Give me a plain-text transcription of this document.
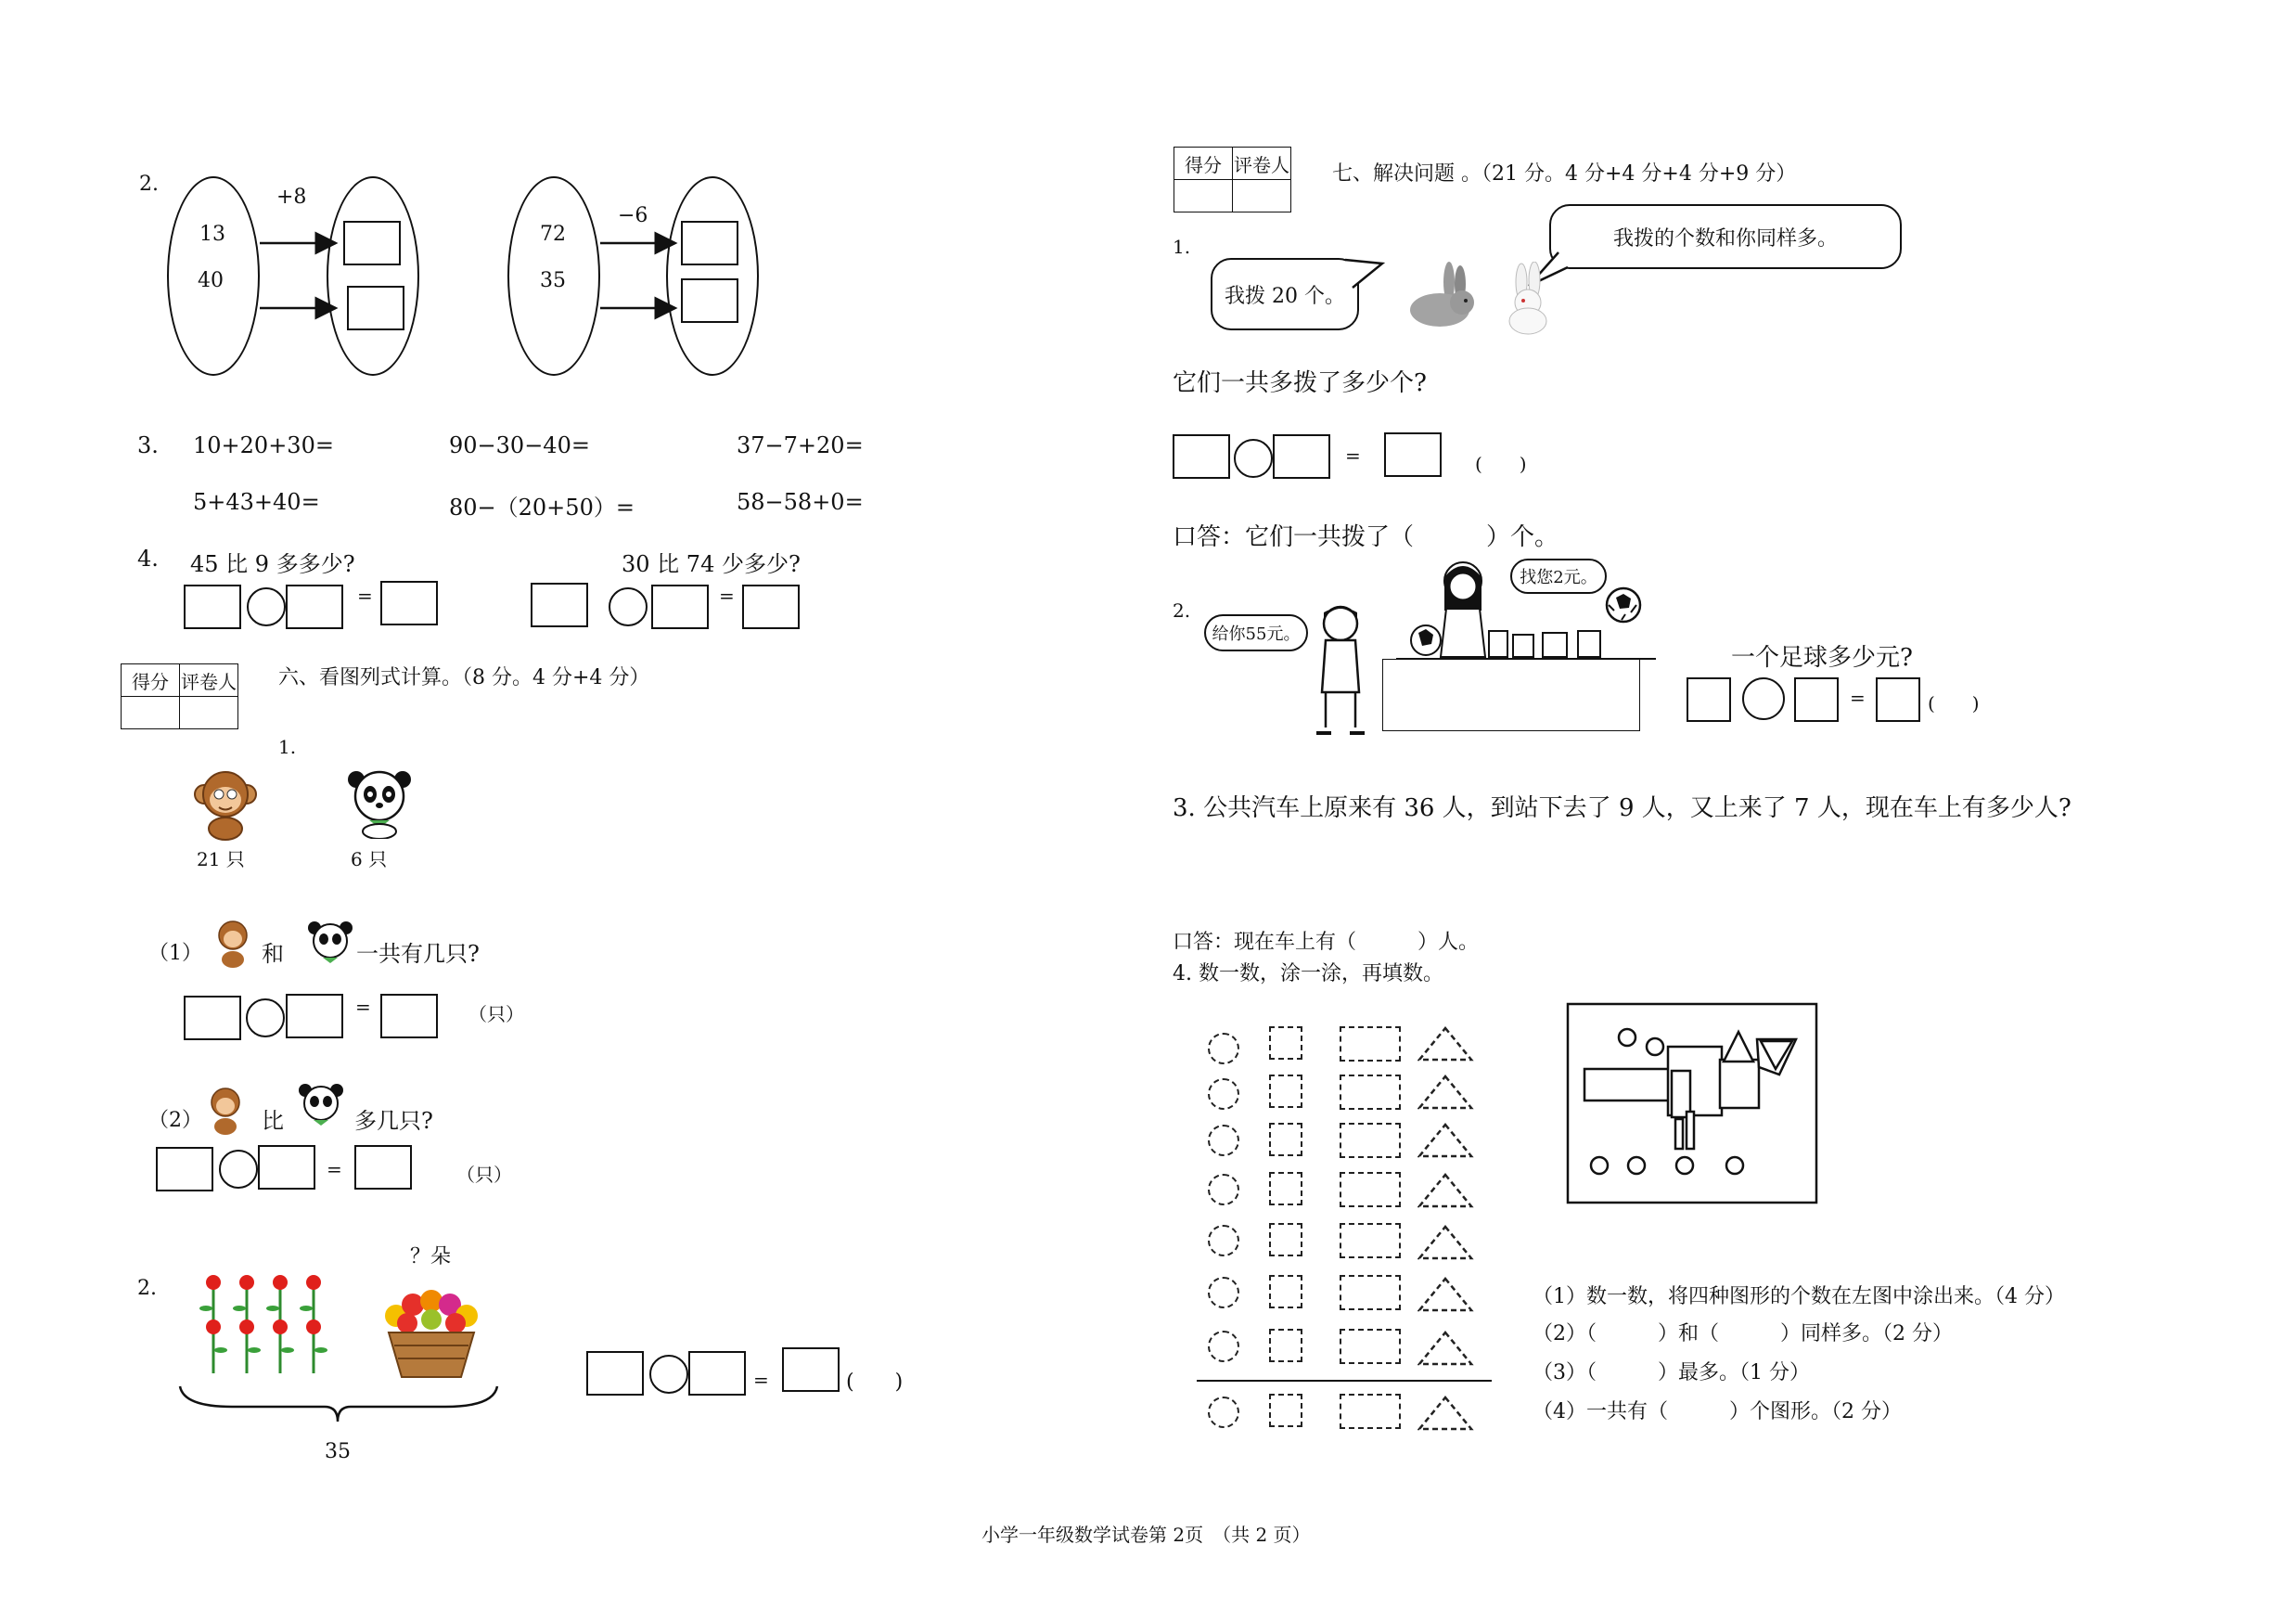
2.
13
40
+8
72
35
−6
3. 10+20+30=	90−30−40=	37−7+20=
5+43+40=	80−（20+50）=	58−58+0=
4. 45 比 9 多多少?	30 比 74 少多少?
=	=
得分	评卷人
	六、看图列式计算。（8 分。4 分+4 分）
1.
21 只	6 只
（1）	和	一共有几只?
=	（只）
（2）	比	多几只?
=	（只）
2.
？朵
35
=	(　　)
得分	评卷人
	七、解决问题 。（21 分。4 分+4 分+4 分+9 分）
1.
我拨 20 个。
我拨的个数和你同样多。
它们一共多拨了多少个?
=	(　　)
口答：它们一共拨了（　　　）个。
2.
给你55元。
找您2元。
一个足球多少元?
=	(　　)
3. 公共汽车上原来有 36 人，到站下去了 9 人，又上来了 7 人，现在车上有多少人?
口答：现在车上有（　　　）人。
4. 数一数，涂一涂，再填数。
（1）数一数，将四种图形的个数在左图中涂出来。（4 分）
（2）（　　　）和（　　　）同样多。（2 分）
（3）（　　　）最多。（1 分）
（4）一共有（　　　）个图形。（2 分）
小学一年级数学试卷第 2页　（共 2 页）
